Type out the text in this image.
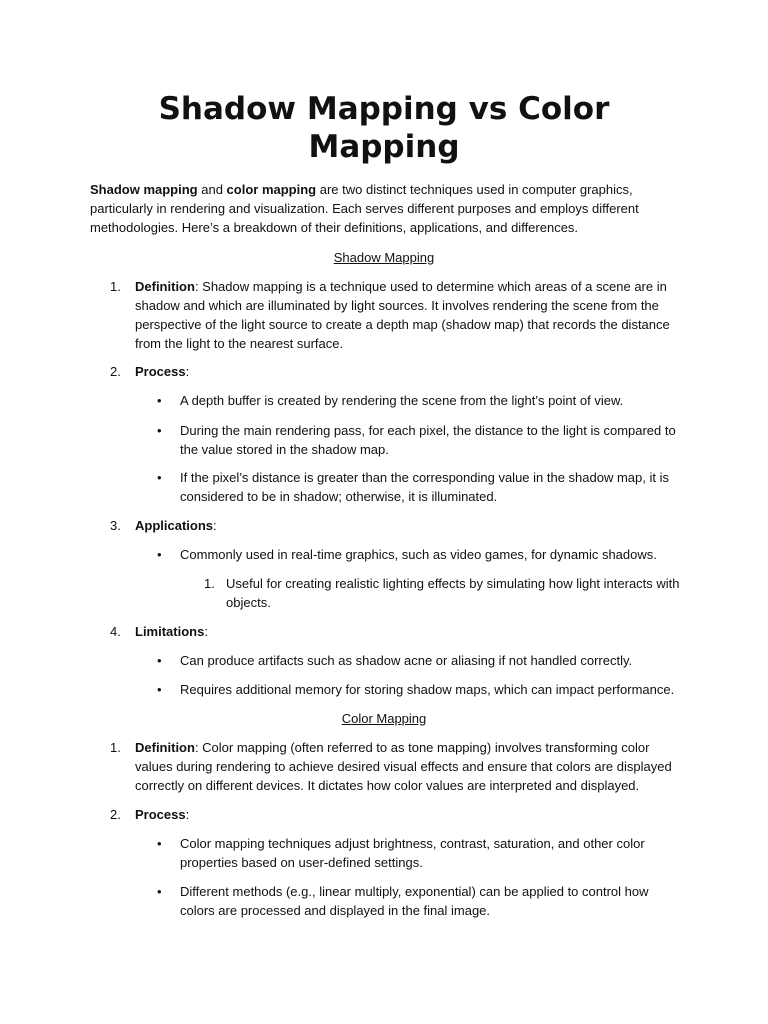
Shadow Mapping vs Color Mapping

Shadow mapping and color mapping are two distinct techniques used in computer graphics, particularly in rendering and visualization. Each serves different purposes and employs different methodologies. Here’s a breakdown of their definitions, applications, and differences.

Shadow Mapping

1. Definition: Shadow mapping is a technique used to determine which areas of a scene are in shadow and which are illuminated by light sources. It involves rendering the scene from the perspective of the light source to create a depth map (shadow map) that records the distance from the light to the nearest surface.

2. Process:

• A depth buffer is created by rendering the scene from the light’s point of view.

• During the main rendering pass, for each pixel, the distance to the light is compared to the value stored in the shadow map.

• If the pixel’s distance is greater than the corresponding value in the shadow map, it is considered to be in shadow; otherwise, it is illuminated.

3. Applications:

• Commonly used in real-time graphics, such as video games, for dynamic shadows.

1. Useful for creating realistic lighting effects by simulating how light interacts with objects.

4. Limitations:

• Can produce artifacts such as shadow acne or aliasing if not handled correctly.

• Requires additional memory for storing shadow maps, which can impact performance.

Color Mapping

1. Definition: Color mapping (often referred to as tone mapping) involves transforming color values during rendering to achieve desired visual effects and ensure that colors are displayed correctly on different devices. It dictates how color values are interpreted and displayed.

2. Process:

• Color mapping techniques adjust brightness, contrast, saturation, and other color properties based on user-defined settings.

• Different methods (e.g., linear multiply, exponential) can be applied to control how colors are processed and displayed in the final image.
